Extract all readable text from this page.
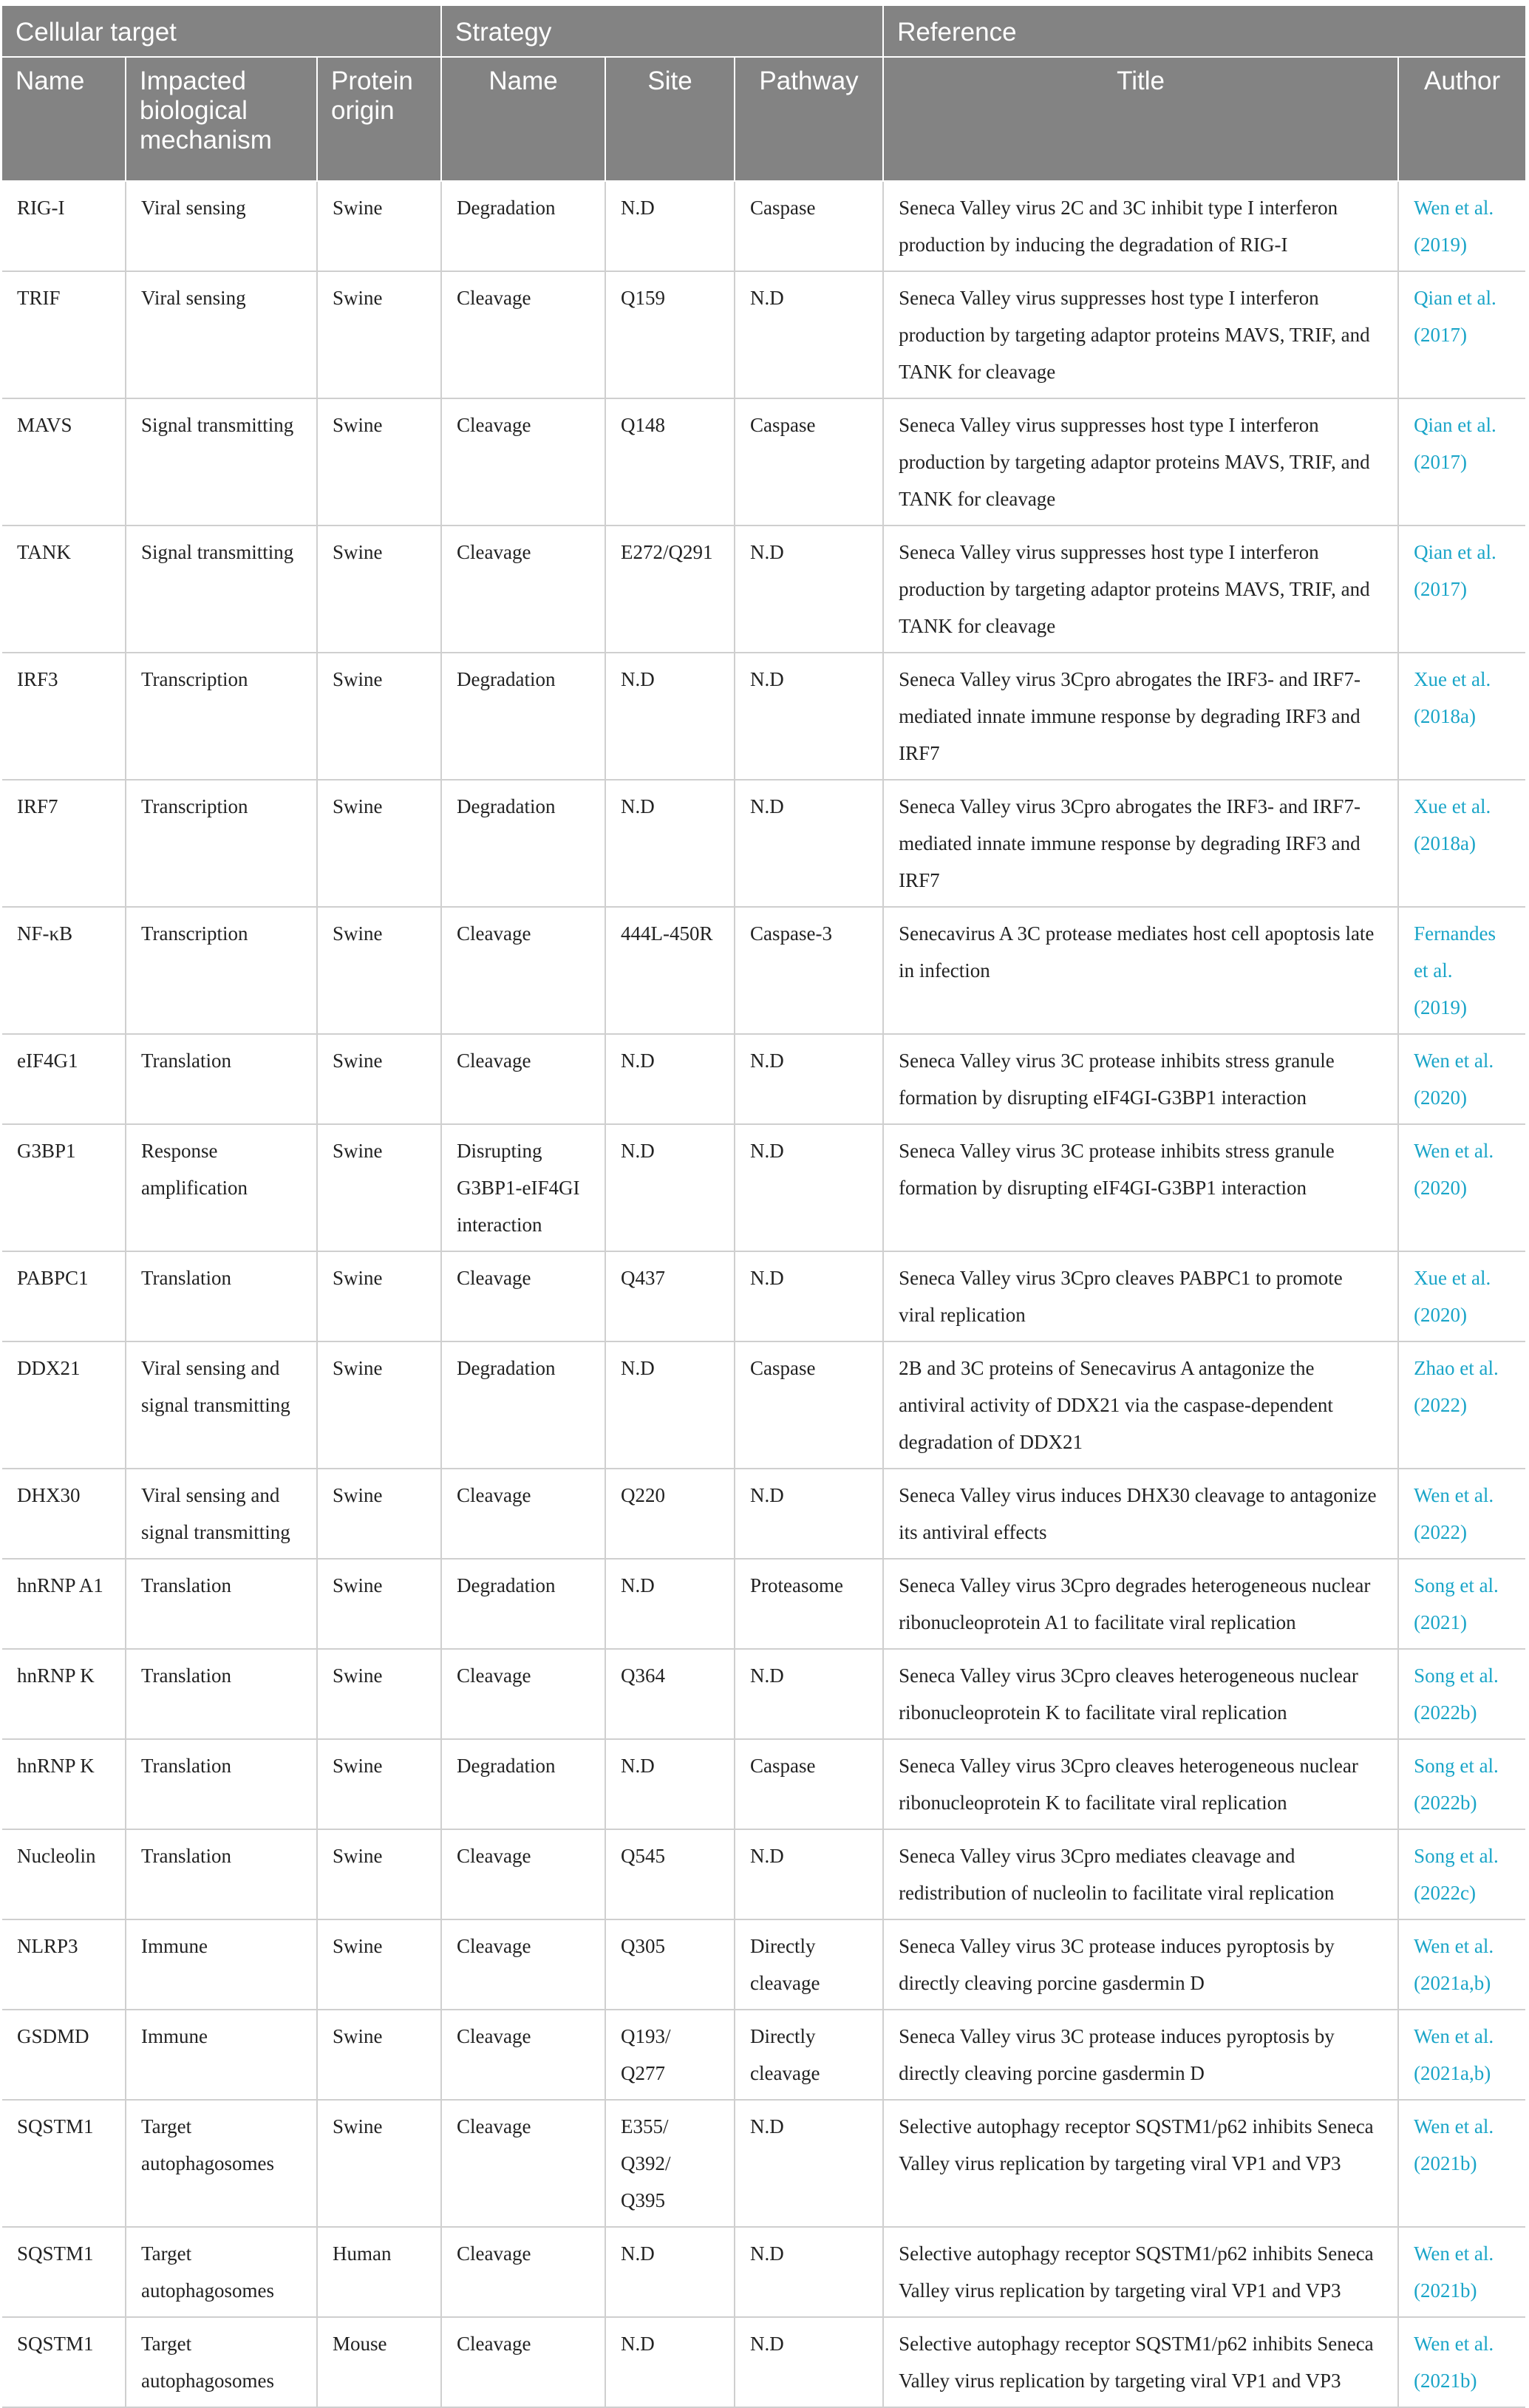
Cellular target			Strategy			Reference	
Name	Impacted biological mechanism	Protein origin	Name	Site	Pathway	Title	Author
RIG-I	Viral sensing	Swine	Degradation	N.D	Caspase	Seneca Valley virus 2C and 3C inhibit type I interferon production by inducing the degradation of RIG-I	Wen et al. (2019)
TRIF	Viral sensing	Swine	Cleavage	Q159	N.D	Seneca Valley virus suppresses host type I interferon production by targeting adaptor proteins MAVS, TRIF, and TANK for cleavage	Qian et al. (2017)
MAVS	Signal transmitting	Swine	Cleavage	Q148	Caspase	Seneca Valley virus suppresses host type I interferon production by targeting adaptor proteins MAVS, TRIF, and TANK for cleavage	Qian et al. (2017)
TANK	Signal transmitting	Swine	Cleavage	E272/Q291	N.D	Seneca Valley virus suppresses host type I interferon production by targeting adaptor proteins MAVS, TRIF, and TANK for cleavage	Qian et al. (2017)
IRF3	Transcription	Swine	Degradation	N.D	N.D	Seneca Valley virus 3Cpro abrogates the IRF3- and IRF7-mediated innate immune response by degrading IRF3 and IRF7	Xue et al. (2018a)
IRF7	Transcription	Swine	Degradation	N.D	N.D	Seneca Valley virus 3Cpro abrogates the IRF3- and IRF7-mediated innate immune response by degrading IRF3 and IRF7	Xue et al. (2018a)
NF-κB	Transcription	Swine	Cleavage	444L-450R	Caspase-3	Senecavirus A 3C protease mediates host cell apoptosis late in infection	Fernandes et al. (2019)
eIF4G1	Translation	Swine	Cleavage	N.D	N.D	Seneca Valley virus 3C protease inhibits stress granule formation by disrupting eIF4GI-G3BP1 interaction	Wen et al. (2020)
G3BP1	Response amplification	Swine	Disrupting G3BP1-eIF4GI interaction	N.D	N.D	Seneca Valley virus 3C protease inhibits stress granule formation by disrupting eIF4GI-G3BP1 interaction	Wen et al. (2020)
PABPC1	Translation	Swine	Cleavage	Q437	N.D	Seneca Valley virus 3Cpro cleaves PABPC1 to promote viral replication	Xue et al. (2020)
DDX21	Viral sensing and signal transmitting	Swine	Degradation	N.D	Caspase	2B and 3C proteins of Senecavirus A antagonize the antiviral activity of DDX21 via the caspase-dependent degradation of DDX21	Zhao et al. (2022)
DHX30	Viral sensing and signal transmitting	Swine	Cleavage	Q220	N.D	Seneca Valley virus induces DHX30 cleavage to antagonize its antiviral effects	Wen et al. (2022)
hnRNP A1	Translation	Swine	Degradation	N.D	Proteasome	Seneca Valley virus 3Cpro degrades heterogeneous nuclear ribonucleoprotein A1 to facilitate viral replication	Song et al. (2021)
hnRNP K	Translation	Swine	Cleavage	Q364	N.D	Seneca Valley virus 3Cpro cleaves heterogeneous nuclear ribonucleoprotein K to facilitate viral replication	Song et al. (2022b)
hnRNP K	Translation	Swine	Degradation	N.D	Caspase	Seneca Valley virus 3Cpro cleaves heterogeneous nuclear ribonucleoprotein K to facilitate viral replication	Song et al. (2022b)
Nucleolin	Translation	Swine	Cleavage	Q545	N.D	Seneca Valley virus 3Cpro mediates cleavage and redistribution of nucleolin to facilitate viral replication	Song et al. (2022c)
NLRP3	Immune	Swine	Cleavage	Q305	Directly cleavage	Seneca Valley virus 3C protease induces pyroptosis by directly cleaving porcine gasdermin D	Wen et al. (2021a,b)
GSDMD	Immune	Swine	Cleavage	Q193/ Q277	Directly cleavage	Seneca Valley virus 3C protease induces pyroptosis by directly cleaving porcine gasdermin D	Wen et al. (2021a,b)
SQSTM1	Target autophagosomes	Swine	Cleavage	E355/ Q392/ Q395	N.D	Selective autophagy receptor SQSTM1/p62 inhibits Seneca Valley virus replication by targeting viral VP1 and VP3	Wen et al. (2021b)
SQSTM1	Target autophagosomes	Human	Cleavage	N.D	N.D	Selective autophagy receptor SQSTM1/p62 inhibits Seneca Valley virus replication by targeting viral VP1 and VP3	Wen et al. (2021b)
SQSTM1	Target autophagosomes	Mouse	Cleavage	N.D	N.D	Selective autophagy receptor SQSTM1/p62 inhibits Seneca Valley virus replication by targeting viral VP1 and VP3	Wen et al. (2021b)
